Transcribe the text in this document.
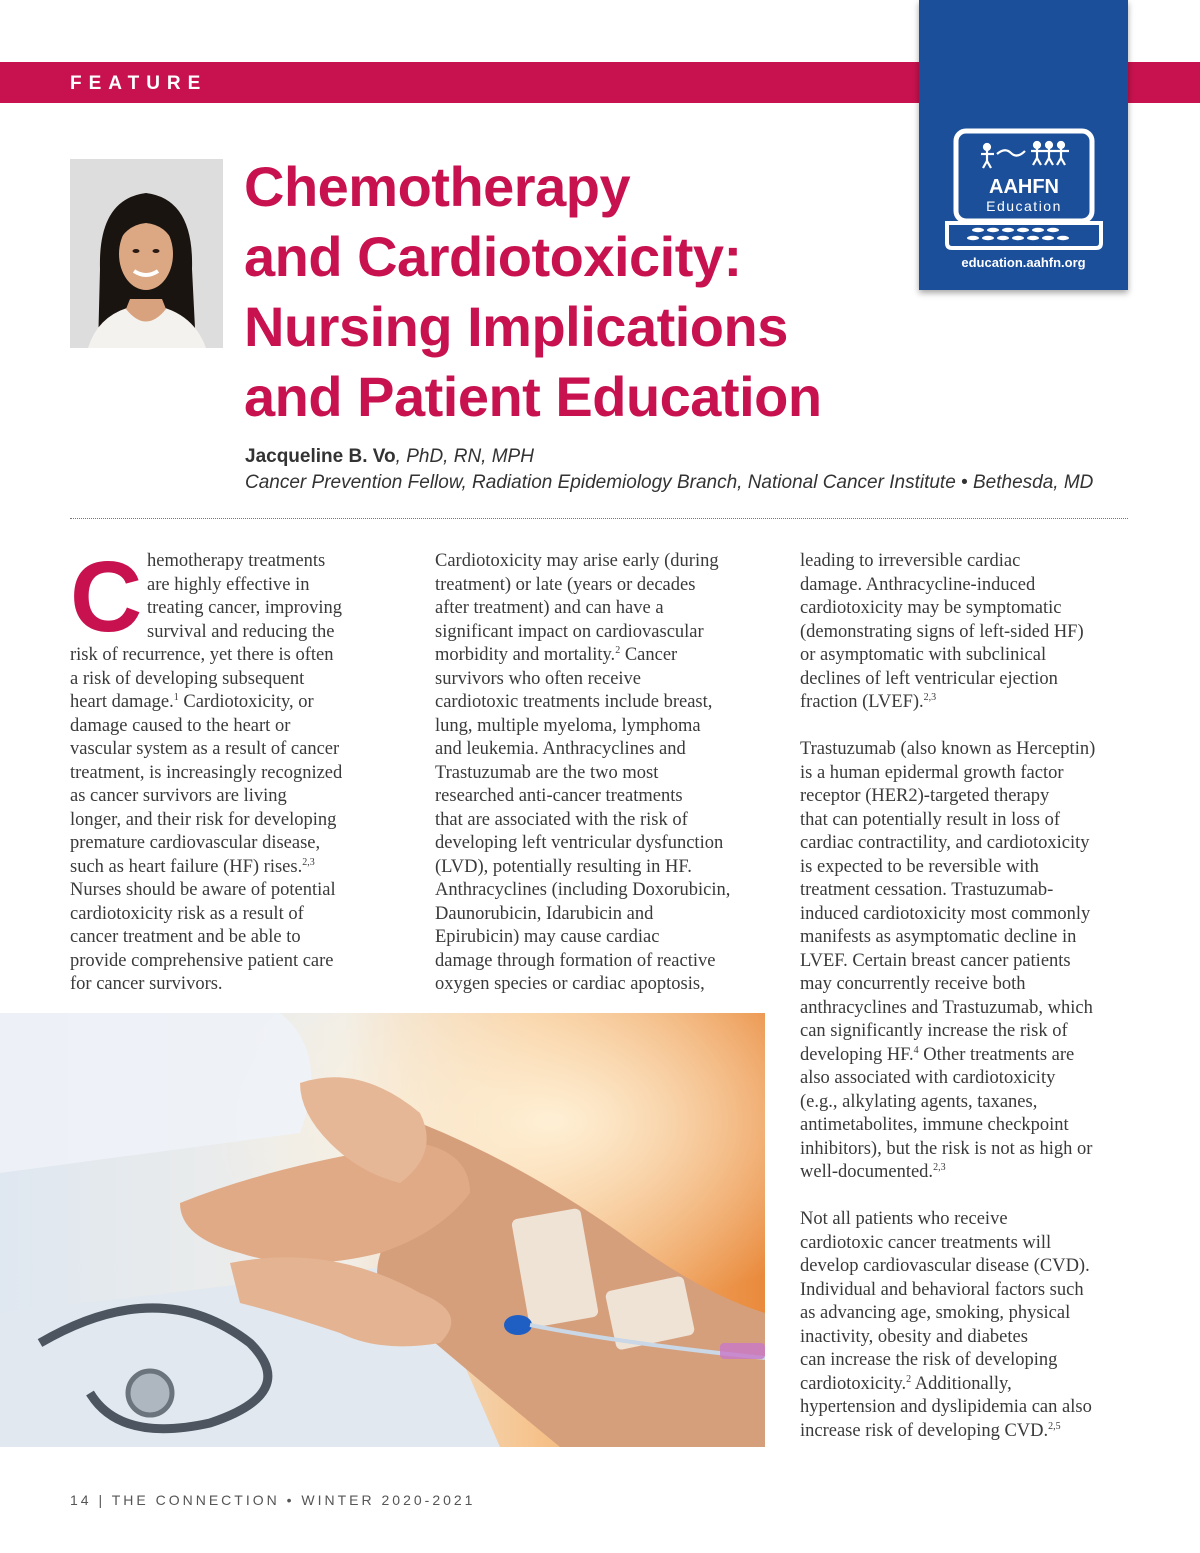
FEATURE
AAHFN
Education
education.aahfn.org
Chemotherapy
and Cardiotoxicity:
Nursing Implications
and Patient Education
Jacqueline B. Vo, PhD, RN, MPH
Cancer Prevention Fellow, Radiation Epidemiology Branch, National Cancer Institute • Bethesda, MD
C hemotherapy treatments
are highly effective in
treating cancer, improving
survival and reducing the
risk of recurrence, yet there is often
a risk of developing subsequent
heart damage.$^1$ Cardiotoxicity, or
damage caused to the heart or
vascular system as a result of cancer
treatment, is increasingly recognized
as cancer survivors are living
longer, and their risk for developing
premature cardiovascular disease,
such as heart failure (HF) rises.$^{2,3}$
Nurses should be aware of potential
cardiotoxicity risk as a result of
cancer treatment and be able to
provide comprehensive patient care
for cancer survivors.
Cardiotoxicity may arise early (during
treatment) or late (years or decades
after treatment) and can have a
significant impact on cardiovascular
morbidity and mortality.$^2$ Cancer
survivors who often receive
cardiotoxic treatments include breast,
lung, multiple myeloma, lymphoma
and leukemia. Anthracyclines and
Trastuzumab are the two most
researched anti-cancer treatments
that are associated with the risk of
developing left ventricular dysfunction
(LVD), potentially resulting in HF.
Anthracyclines (including Doxorubicin,
Daunorubicin, Idarubicin and
Epirubicin) may cause cardiac
damage through formation of reactive
oxygen species or cardiac apoptosis,

leading to irreversible cardiac
damage. Anthracycline-induced
cardiotoxicity may be symptomatic
(demonstrating signs of left-sided HF)
or asymptomatic with subclinical
declines of left ventricular ejection
fraction (LVEF).$^{2,3}$

Trastuzumab (also known as Herceptin)
is a human epidermal growth factor
receptor (HER2)-targeted therapy
that can potentially result in loss of
cardiac contractility, and cardiotoxicity
is expected to be reversible with
treatment cessation. Trastuzumab-
induced cardiotoxicity most commonly
manifests as asymptomatic decline in
LVEF. Certain breast cancer patients
may concurrently receive both
anthracyclines and Trastuzumab, which
can significantly increase the risk of
developing HF.$^4$ Other treatments are
also associated with cardiotoxicity
(e.g., alkylating agents, taxanes,
antimetabolites, immune checkpoint
inhibitors), but the risk is not as high or
well-documented.$^{2,3}$

Not all patients who receive
cardiotoxic cancer treatments will
develop cardiovascular disease (CVD).
Individual and behavioral factors such
as advancing age, smoking, physical
inactivity, obesity and diabetes
can increase the risk of developing
cardiotoxicity.$^2$ Additionally,
hypertension and dyslipidemia can also
increase risk of developing CVD.$^{2,5}$

14 | THE CONNECTION • WINTER 2020-2021
